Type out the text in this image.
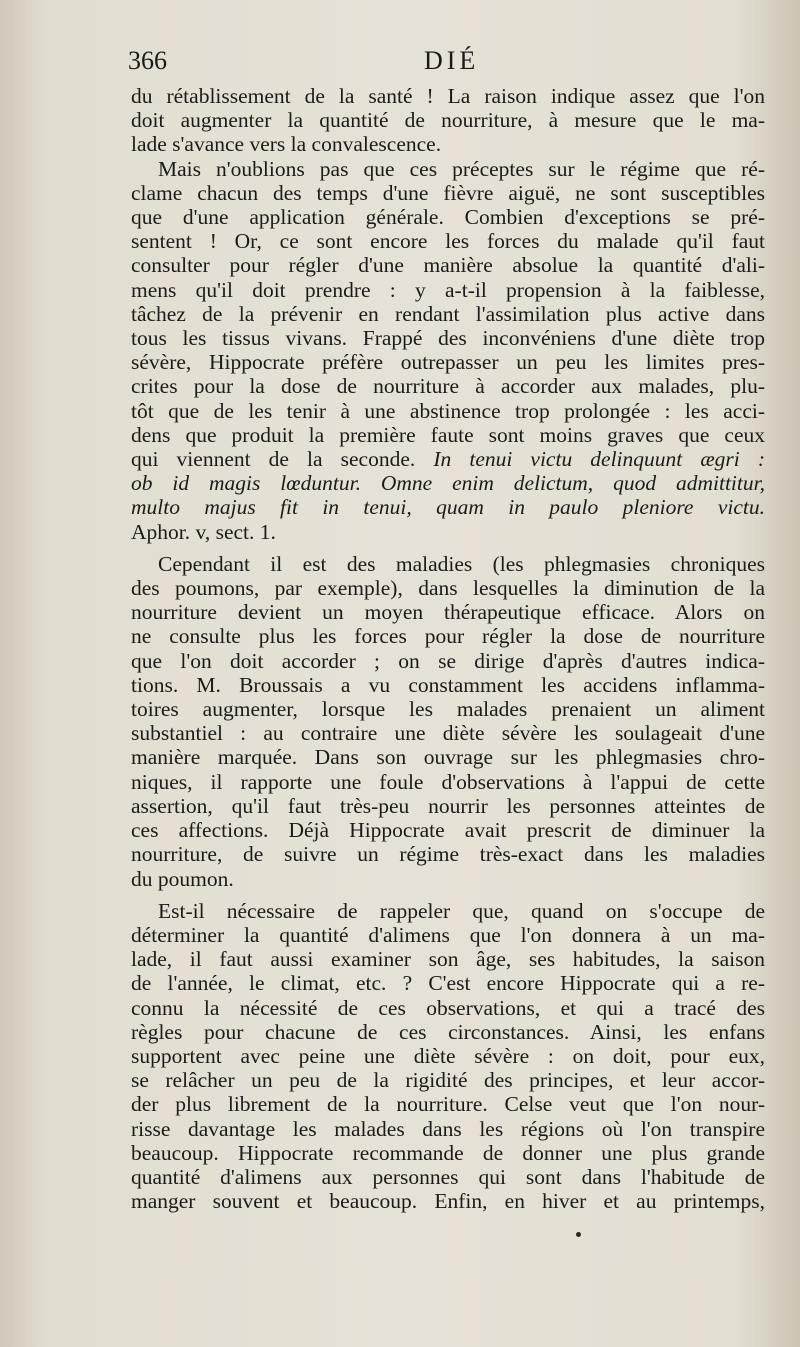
366	DIÉ

du rétablissement de la santé ! La raison indique assez que l'on
doit augmenter la quantité de nourriture, à mesure que le ma-
lade s'avance vers la convalescence.

Mais n'oublions pas que ces préceptes sur le régime que ré-
clame chacun des temps d'une fièvre aiguë, ne sont susceptibles
que d'une application générale. Combien d'exceptions se pré-
sentent ! Or, ce sont encore les forces du malade qu'il faut
consulter pour régler d'une manière absolue la quantité d'ali-
mens qu'il doit prendre : y a-t-il propension à la faiblesse,
tâchez de la prévenir en rendant l'assimilation plus active dans
tous les tissus vivans. Frappé des inconvéniens d'une diète trop
sévère, Hippocrate préfère outrepasser un peu les limites pres-
crites pour la dose de nourriture à accorder aux malades, plu-
tôt que de les tenir à une abstinence trop prolongée : les acci-
dens que produit la première faute sont moins graves que ceux
qui viennent de la seconde. In tenui victu delinquunt ægri :
ob id magis lœduntur. Omne enim delictum, quod admittitur,
multo majus fit in tenui, quam in paulo pleniore victu.
Aphor. v, sect. 1.

Cependant il est des maladies (les phlegmasies chroniques
des poumons, par exemple), dans lesquelles la diminution de la
nourriture devient un moyen thérapeutique efficace. Alors on
ne consulte plus les forces pour régler la dose de nourriture
que l'on doit accorder ; on se dirige d'après d'autres indica-
tions. M. Broussais a vu constamment les accidens inflamma-
toires augmenter, lorsque les malades prenaient un aliment
substantiel : au contraire une diète sévère les soulageait d'une
manière marquée. Dans son ouvrage sur les phlegmasies chro-
niques, il rapporte une foule d'observations à l'appui de cette
assertion, qu'il faut très-peu nourrir les personnes atteintes de
ces affections. Déjà Hippocrate avait prescrit de diminuer la
nourriture, de suivre un régime très-exact dans les maladies
du poumon.

Est-il nécessaire de rappeler que, quand on s'occupe de
déterminer la quantité d'alimens que l'on donnera à un ma-
lade, il faut aussi examiner son âge, ses habitudes, la saison
de l'année, le climat, etc. ? C'est encore Hippocrate qui a re-
connu la nécessité de ces observations, et qui a tracé des
règles pour chacune de ces circonstances. Ainsi, les enfans
supportent avec peine une diète sévère : on doit, pour eux,
se relâcher un peu de la rigidité des principes, et leur accor-
der plus librement de la nourriture. Celse veut que l'on nour-
risse davantage les malades dans les régions où l'on transpire
beaucoup. Hippocrate recommande de donner une plus grande
quantité d'alimens aux personnes qui sont dans l'habitude de
manger souvent et beaucoup. Enfin, en hiver et au printemps,
